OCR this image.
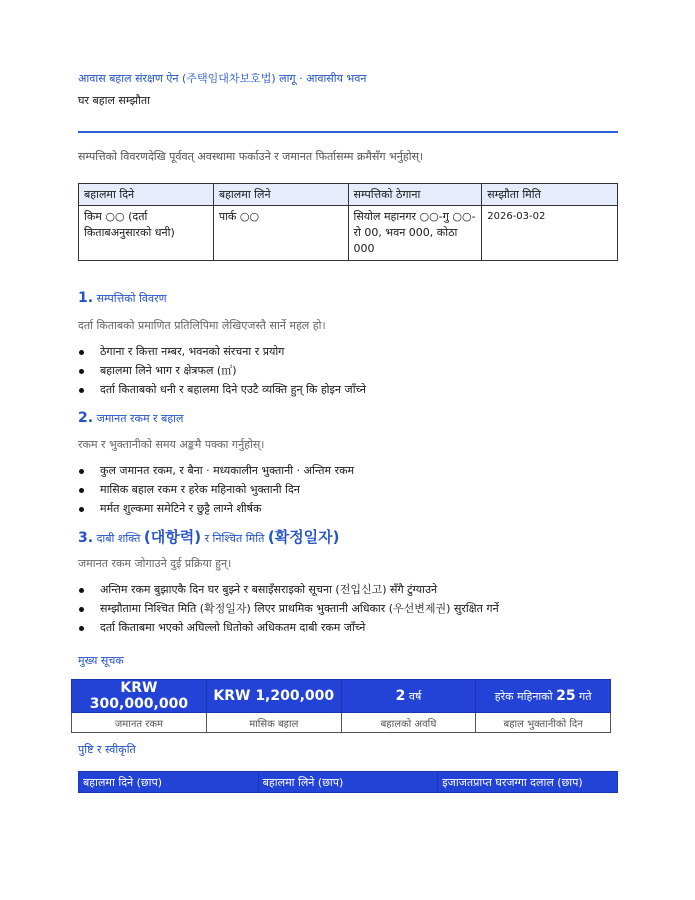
आवास बहाल संरक्षण ऐन (주택임대차보호법) लागू · आवासीय भवन
घर बहाल सम्झौता
सम्पत्तिको विवरणदेखि पूर्ववत् अवस्थामा फर्काउने र जमानत फिर्तासम्म क्रमैसँग भर्नुहोस्।
बहालमा दिने	बहालमा लिने	सम्पत्तिको ठेगाना	सम्झौता मिति
किम ○○ (दर्ता किताबअनुसारको धनी)	पार्क ○○	सियोल महानगर ○○-गु ○○-रो 00, भवन 000, कोठा 000	2026-03-02
1. सम्पत्तिको विवरण
दर्ता किताबको प्रमाणित प्रतिलिपिमा लेखिएजस्तै सार्ने महल हो।
ठेगाना र कित्ता नम्बर, भवनको संरचना र प्रयोग
बहालमा लिने भाग र क्षेत्रफल (㎡)
दर्ता किताबको धनी र बहालमा दिने एउटै व्यक्ति हुन् कि होइन जाँच्ने
2. जमानत रकम र बहाल
रकम र भुक्तानीको समय अङ्कमै पक्का गर्नुहोस्।
कुल जमानत रकम, र बैना · मध्यकालीन भुक्तानी · अन्तिम रकम
मासिक बहाल रकम र हरेक महिनाको भुक्तानी दिन
मर्मत शुल्कमा समेटिने र छुट्टै लाग्ने शीर्षक
3. दाबी शक्ति (대항력) र निश्चित मिति (확정일자)
जमानत रकम जोगाउने दुई प्रक्रिया हुन्।
अन्तिम रकम बुझाएकै दिन घर बुझ्ने र बसाइँसराइको सूचना (전입신고) सँगै टुंग्याउने
सम्झौतामा निश्चित मिति (확정일자) लिएर प्राथमिक भुक्तानी अधिकार (우선변제권) सुरक्षित गर्ने
दर्ता किताबमा भएको अघिल्लो धितोको अधिकतम दाबी रकम जाँच्ने
मुख्य सूचक
KRW 300,000,000	KRW 1,200,000	2 वर्ष	हरेक महिनाको 25 गते
जमानत रकम	मासिक बहाल	बहालको अवधि	बहाल भुक्तानीको दिन
पुष्टि र स्वीकृति
बहालमा दिने (छाप)	बहालमा लिने (छाप)	इजाजतप्राप्त घरजग्गा दलाल (छाप)
